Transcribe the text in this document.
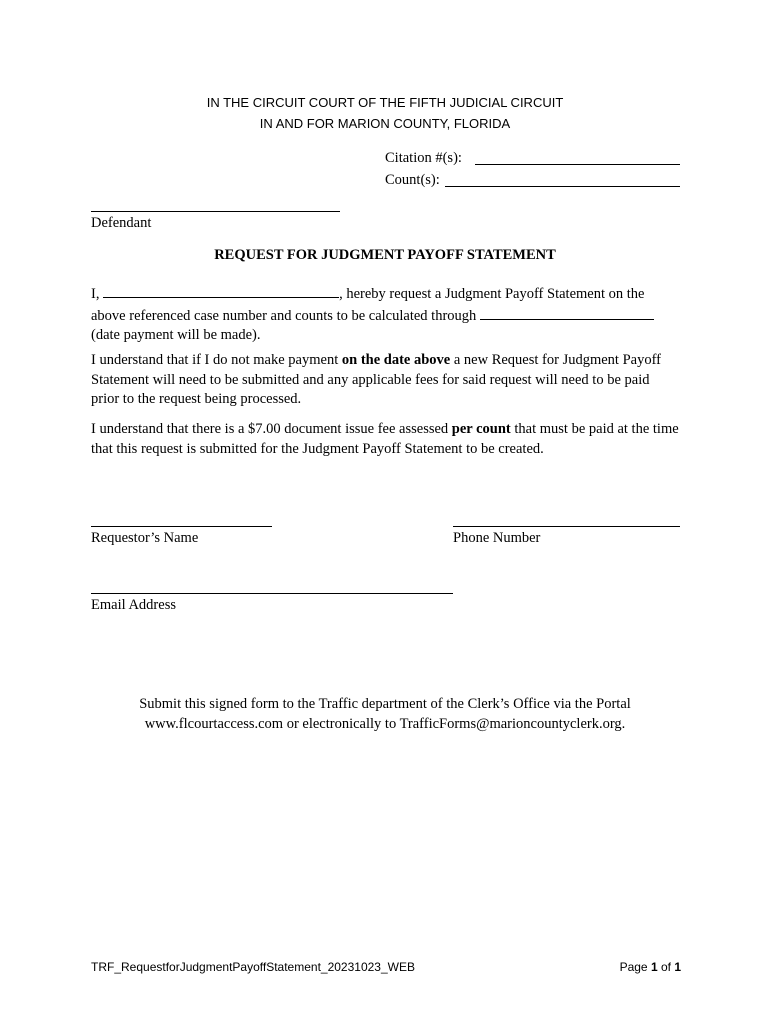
IN THE CIRCUIT COURT OF THE FIFTH JUDICIAL CIRCUIT
IN AND FOR MARION COUNTY, FLORIDA
Citation #(s):
Count(s):
Defendant
REQUEST FOR JUDGMENT PAYOFF STATEMENT
I,	, hereby request a Judgment Payoff Statement on the
above referenced case number and counts to be calculated through
(date payment will be made).
I understand that if I do not make payment on the date above a new Request for Judgment Payoff Statement will need to be submitted and any applicable fees for said request will need to be paid prior to the request being processed.
I understand that there is a $7.00 document issue fee assessed per count that must be paid at the time that this request is submitted for the Judgment Payoff Statement to be created.
Requestor’s Name	Phone Number
Email Address
Submit this signed form to the Traffic department of the Clerk’s Office via the Portal
www.flcourtaccess.com or electronically to TrafficForms@marioncountyclerk.org.
TRF_RequestforJudgmentPayoffStatement_20231023_WEB	Page 1 of 1
